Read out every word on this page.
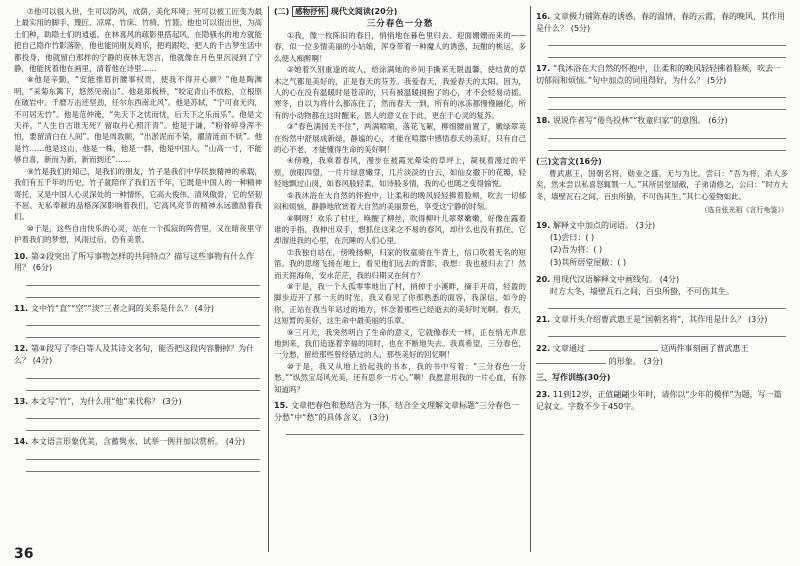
⑦他可以很入世，生可以防风，成荫，美化环境；死可以被工匠变为最上最实用的脚手、篾匠、凉席、竹床、竹椅、竹篮。他也可以很出世，为高士们种，助隐士们的逍遥。在林喜风的疏影里搭起风，在隐骚水的地方就能把自己隐作竹影落卧，他也能同朋友鸡乐，把鸡跟吃，把人的千古梦生活中都投身，他就留白那样的宁静的夜林无怨言，他就像在月色里沉浸到了宁静，他能抚着他在画里，清着他在诗里……

⑧他是辛勤，“安能推眉折腰事权贵，使我不得开心颜？”他是陶渊明，“采菊东篱下，悠然见南山”。他是郑板桥，“咬定青山不放松，立根原在破岩中。千磨万击还坚劲，任尔东西南北风”。他是苏轼，“宁可食无肉，不可居无竹”。他是范仲淹，“先天下之忧而忧，后天下之乐而乐”。他是文天祥，“人生自古谁无死？留取丹心照汗青”。他是于谦，“粉骨碎身浑不怕，要留清白在人间”。他是周敦颐，“出淤泥而不染，濯清涟而不妖”。他是竹……他是这山，他是一株，他是一群，他是中国人，“山高一寸，不能够自喜，新而为新，新而到还”……

⑨竹是我们的知己，是我们的朋友，竹子是我们中华民族精神的承载，我们有五千年的历史，竹子就陪伴了我们五千年，它既是中国人的一种精神寄托，又是中国人心灵深处的一种情怀，它高大俊伟、清风傲骨，它的坚韧不屈、无私奉献的品格深深影响着我们，它高风亮节的精神永远激励着我们。

⑩于是，这些自由快乐的心灵，站在一个孤寂的阵营里，又在暗夜里守护着我们的梦想，风雨过后，仍有美景。

10. 第②段突出了所写事物怎样的共同特点？描写这些事物有什么作用？ (6分)

11. 文中竹“直”“空”“淡”三者之间的关系是什么？ (4分)

12. 第⑧段写了李白等人及其诗文名句，能否把这段内容删掉？为什么？ (4分)

13. 本文写“竹”，为什么用“他”来代称？ (3分)

14. 本文语言形象优美，含蓄隽永，试举一例并加以赏析。 (4分)

(二) 感物抒怀 现代文阅读(20分)

三分春色一分愁

①我，像一枚陈旧的春日，悄悄地在暮色里归去。迎面姗姗而来的——春，似一位多情美丽的小姑娘，浑身带着一种魔人的诱惑，玩酣的桃运，多么使人痴醉啊！

②她着久别重逢的故人，给涂满她的乡间手撕来无限温馨，使结黄的草木之气都是美好的，正是春天的芬芳。我爱春天，我爱春天的太阳。因为，人的心在没有温暖时是苍凉的，只有被温暖拥抱了的心，才不会轻易动摇。寒冬，自以为将什么都冻住了，然而春天一到，所有的冰冻都慢慢融化，所有的小动物都在这时醒来，恩人的意义在于此，更在于心灵的复苏。

③“春色满园关不住”，两满喷喷，落花飞絮，柳细腰前置了，嫩绿翠英在纷然中舒展成新绿，静谧的心，才能在喧嚣中感悟春天的美好，只有自己的心不老，才能懂得生命的美好啊！

④傍晚，我乘着春风，漫步在被霞光晕染的草坪上，凝视着漫过的平原，放眼四望，一片片绿意嫩芽，几片淡淡的白云，如仙女撒下的花瓣，轻轻地飘过山岗，如春风般轻柔，如诗般多情，我的心也随之变得愉悦。

⑤我沐浴在大自然的怀抱中，让柔和的晚风轻轻拂着脸颊，吹去一切郁闷和烦恼，静静地欣赏着大自然的美丽景色，享受这宁静的时刻。

⑥啊呀！欢乐了村庄，唤醒了柳丝，吹得柳叶儿翠翠嫩嫩，好像在露着谁的手指，我伸出双手，想抓住这来之不易的春风，却什么也没有抓住，它却溜进我的心里，在沉睡的人们心里。

⑦我独自站在，傍晚扬柳，归家的牧童骑在牛背上，信口吹着无名的短笛。我的思绪飞扬在地上，看见他们远去的背影，我想：我也被归去了！然而天涯海角，安水茫茫，我的归期又在何方？

⑧于是，我一个人孤零零地出了村，捎掉于小溪畔，摘手开肩，轻盈的脚步迈开了那一天的时光，我又看见了你那熟悉的面容，我深信，如今的你，正站在我当年站过的地方，怀念着那些已经逝去的美好时光啊。春天，这短暂的美好，这生命中最美丽的乐章。

⑨三月天，我突然明白了生命的意义，它就像春天一样，正在悄无声息地到来，我们追逐着幸福的同时，也在不断地失去。我真希望，三分春色，一分愁，留给那些曾经错过的人，那些美好的回忆啊！

⑩于是，我又从地上拾起我的书本，我的书中写着：“三分春色一分愁。”“纵然宝岛风光美，还有思乡一片心。”啊！我愿意用我的一片心血，有你知道吗？

15. 文章把春色和愁结合为一体，结合全文理解文章标题“三分春色一分愁”中“愁”的具体含义。 (3分)

16. 文章极力铺陈春的诱惑，春的温情，春的云霞，春的晚风，其作用是什么？ (5分)

17. “我沐浴在大自然的怀抱中，让柔和的晚风轻轻拂着脸颊，吹去一切郁闷和烦恼。”句中加点的词用得好，为什么？ (5分)

18. 说说作者写“倦鸟投林”“牧童归家”的意图。 (6分)

(三)文言文(16分)

曹武惠王，国朝名将，勋业之盛，无与为比。尝曰：“吾为将，杀人多矣，然未尝以私喜怒辄戮一人。”其所居堂屋敝，子弟请修之，公曰：“时方大冬，墙壁瓦石之间，百虫所蛰，不可伤其生。”其仁心爱物如此。

（选自张光祖《言行龟鉴》）

19. 解释文中加点的词语。 (3分)

(1)尝曰：( )

(2)吾为将：( )

(3)其所居堂屋敝：( )

20. 用现代汉语解释文中画线句。 (4分)

时方大冬，墙壁瓦石之间，百虫所蛰，不可伤其生。

21. 文章开头介绍曹武惠王是“国朝名将”，其作用是什么？ (3分)

22. 文章通过	这两件事刻画了曹武惠王  的形象。 (3分)

三、写作训练(30分)

23. 11到12岁，正值翩翩少年时，请你以“少年的模样”为题，写一篇记叙文。字数不少于450字。

36
